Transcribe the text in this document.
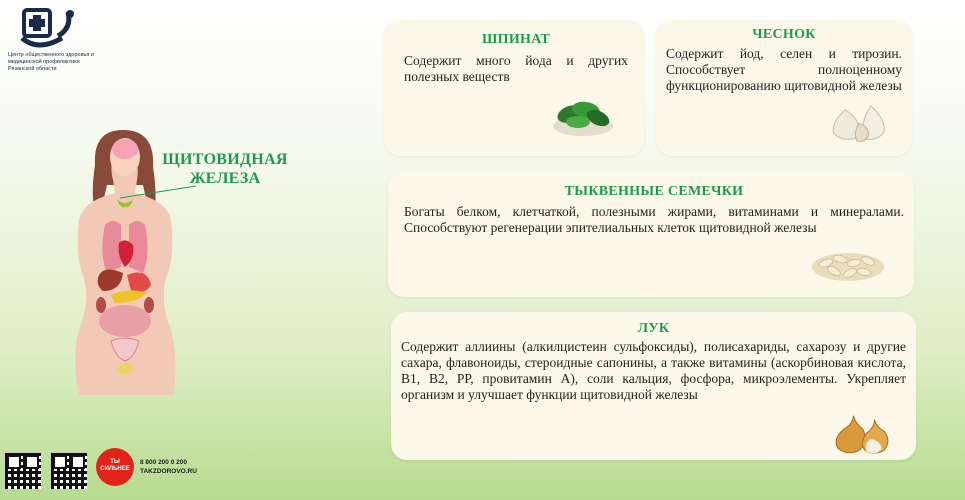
Центр общественного здоровья и медицинской профилактики Рязанской области
ЩИТОВИДНАЯ ЖЕЛЕЗА
ШПИНАТ
Содержит много йода и других полезных веществ
ЧЕСНОК
Содержит йод, селен и тирозин. Способствует полноценному функционированию щитовидной железы
ТЫКВЕННЫЕ СЕМЕЧКИ
Богаты белком, клетчаткой, полезными жирами, витаминами и минералами. Способствуют регенерации эпителиальных клеток щитовидной железы
ЛУК
Содержит аллиины (алкилцистеин сульфоксиды), полисахариды, сахарозу и другие сахара, флавоноиды, стероидные сапонины, а также витамины (аскорбиновая кислота, В1, В2, РР, провитамин А), соли кальция, фосфора, микроэлементы. Укрепляет организм и улучшает функции щитовидной железы
ТЫ СИЛЬНЕЕ
8 800 200 0 200
TAKZDOROVO.RU
